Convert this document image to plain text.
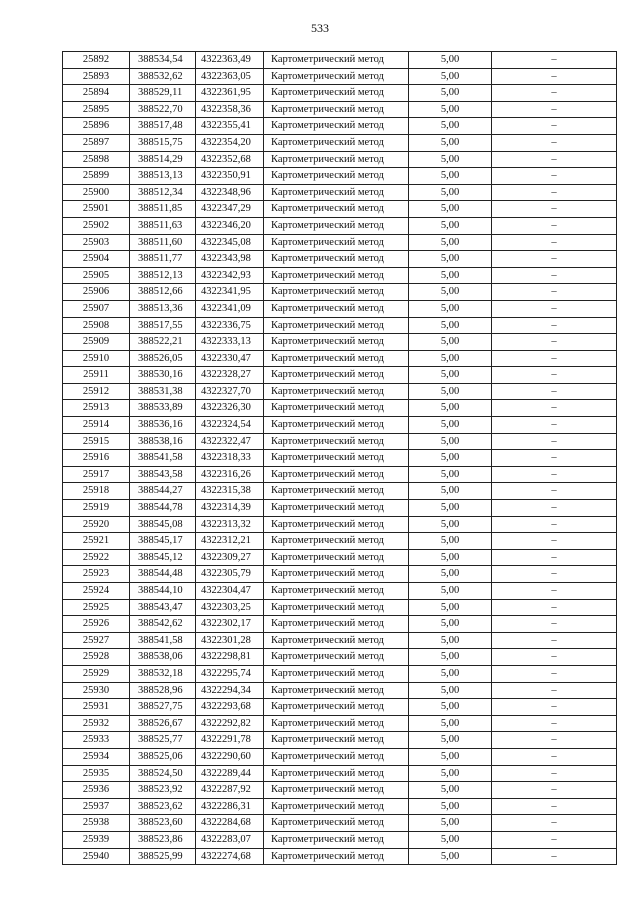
533
25892	388534,54	4322363,49	Картометрический метод	5,00	–
25893	388532,62	4322363,05	Картометрический метод	5,00	–
25894	388529,11	4322361,95	Картометрический метод	5,00	–
25895	388522,70	4322358,36	Картометрический метод	5,00	–
25896	388517,48	4322355,41	Картометрический метод	5,00	–
25897	388515,75	4322354,20	Картометрический метод	5,00	–
25898	388514,29	4322352,68	Картометрический метод	5,00	–
25899	388513,13	4322350,91	Картометрический метод	5,00	–
25900	388512,34	4322348,96	Картометрический метод	5,00	–
25901	388511,85	4322347,29	Картометрический метод	5,00	–
25902	388511,63	4322346,20	Картометрический метод	5,00	–
25903	388511,60	4322345,08	Картометрический метод	5,00	–
25904	388511,77	4322343,98	Картометрический метод	5,00	–
25905	388512,13	4322342,93	Картометрический метод	5,00	–
25906	388512,66	4322341,95	Картометрический метод	5,00	–
25907	388513,36	4322341,09	Картометрический метод	5,00	–
25908	388517,55	4322336,75	Картометрический метод	5,00	–
25909	388522,21	4322333,13	Картометрический метод	5,00	–
25910	388526,05	4322330,47	Картометрический метод	5,00	–
25911	388530,16	4322328,27	Картометрический метод	5,00	–
25912	388531,38	4322327,70	Картометрический метод	5,00	–
25913	388533,89	4322326,30	Картометрический метод	5,00	–
25914	388536,16	4322324,54	Картометрический метод	5,00	–
25915	388538,16	4322322,47	Картометрический метод	5,00	–
25916	388541,58	4322318,33	Картометрический метод	5,00	–
25917	388543,58	4322316,26	Картометрический метод	5,00	–
25918	388544,27	4322315,38	Картометрический метод	5,00	–
25919	388544,78	4322314,39	Картометрический метод	5,00	–
25920	388545,08	4322313,32	Картометрический метод	5,00	–
25921	388545,17	4322312,21	Картометрический метод	5,00	–
25922	388545,12	4322309,27	Картометрический метод	5,00	–
25923	388544,48	4322305,79	Картометрический метод	5,00	–
25924	388544,10	4322304,47	Картометрический метод	5,00	–
25925	388543,47	4322303,25	Картометрический метод	5,00	–
25926	388542,62	4322302,17	Картометрический метод	5,00	–
25927	388541,58	4322301,28	Картометрический метод	5,00	–
25928	388538,06	4322298,81	Картометрический метод	5,00	–
25929	388532,18	4322295,74	Картометрический метод	5,00	–
25930	388528,96	4322294,34	Картометрический метод	5,00	–
25931	388527,75	4322293,68	Картометрический метод	5,00	–
25932	388526,67	4322292,82	Картометрический метод	5,00	–
25933	388525,77	4322291,78	Картометрический метод	5,00	–
25934	388525,06	4322290,60	Картометрический метод	5,00	–
25935	388524,50	4322289,44	Картометрический метод	5,00	–
25936	388523,92	4322287,92	Картометрический метод	5,00	–
25937	388523,62	4322286,31	Картометрический метод	5,00	–
25938	388523,60	4322284,68	Картометрический метод	5,00	–
25939	388523,86	4322283,07	Картометрический метод	5,00	–
25940	388525,99	4322274,68	Картометрический метод	5,00	–
